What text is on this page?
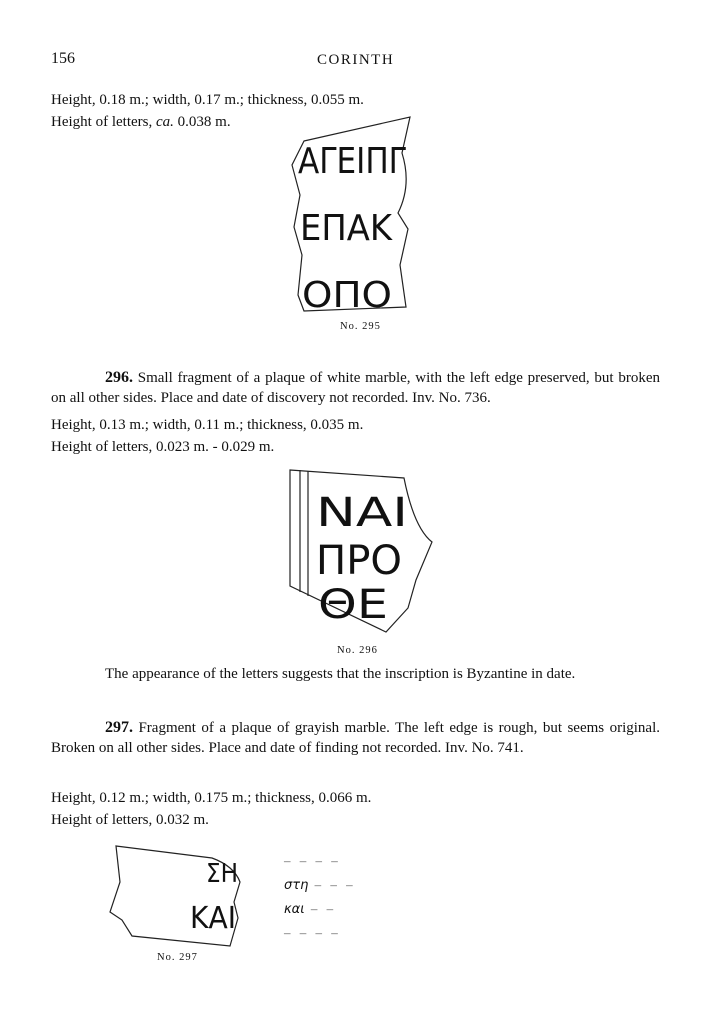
156	CORINTH
Height, 0.18 m.; width, 0.17 m.; thickness, 0.055 m.
Height of letters, ca. 0.038 m.
ΑΓΕΙΠΓ
ΕΠΑΚ
ΟΠΟ
No. 295
296. Small fragment of a plaque of white marble, with the left edge preserved, but broken on all other sides. Place and date of discovery not recorded. Inv. No. 736.
Height, 0.13 m.; width, 0.11 m.; thickness, 0.035 m.
Height of letters, 0.023 m. - 0.029 m.
ΝΑΙ
ΠΡΟ
ΘΕ
No. 296
The appearance of the letters suggests that the inscription is Byzantine in date.
297. Fragment of a plaque of grayish marble. The left edge is rough, but seems original. Broken on all other sides. Place and date of finding not recorded. Inv. No. 741.
Height, 0.12 m.; width, 0.175 m.; thickness, 0.066 m.
Height of letters, 0.032 m.
ΣΗ
ΚΑΙ
No. 297
– – – –
στη – – –
και – –
– – – –
